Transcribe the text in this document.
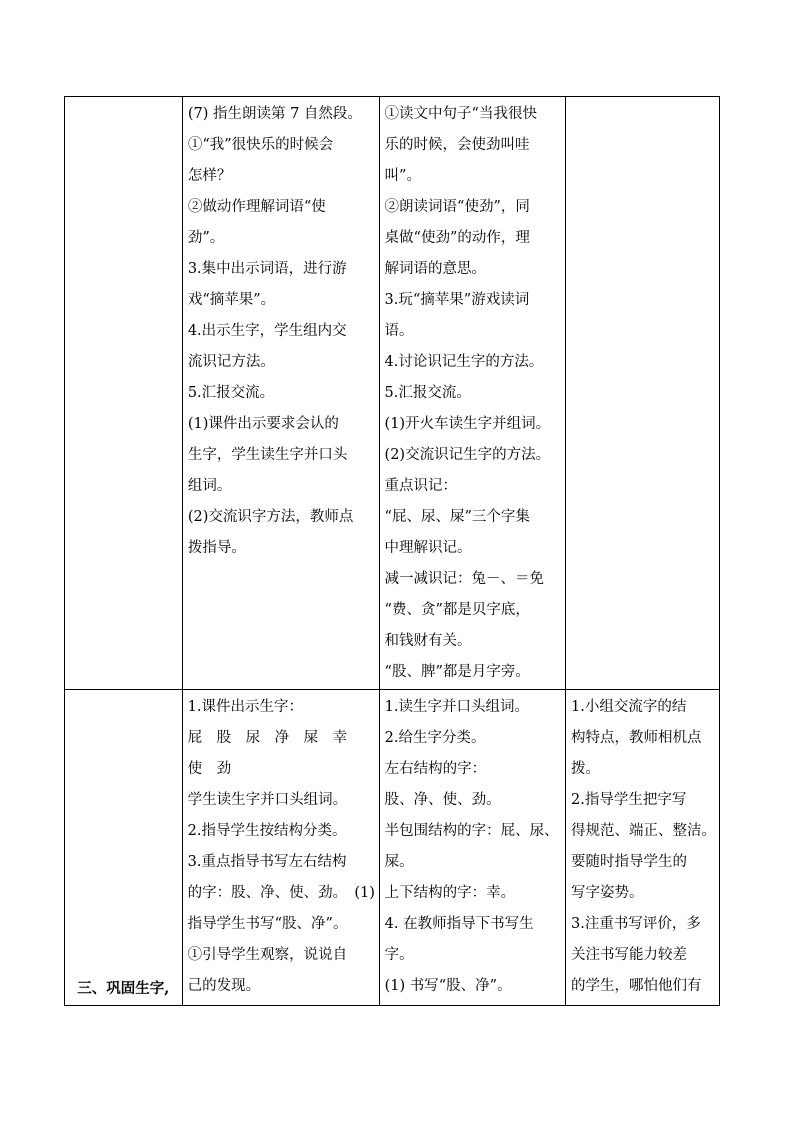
(7) 指生朗读第 7 自然段。
①“我”很快乐的时候会
怎样？
②做动作理解词语“使
劲”。
3.集中出示词语，进行游
戏“摘苹果”。
4.出示生字，学生组内交
流识记方法。
5.汇报交流。
(1)课件出示要求会认的
生字，学生读生字并口头
组词。
(2)交流识字方法，教师点
拨指导。
①读文中句子“当我很快
乐的时候，会使劲叫哇
叫”。
②朗读词语“使劲”，同
桌做“使劲”的动作，理
解词语的意思。
3.玩“摘苹果”游戏读词
语。
4.讨论识记生字的方法。
5.汇报交流。
(1)开火车读生字并组词。
(2)交流识记生字的方法。
重点识记：
“屁、尿、屎”三个字集
中理解识记。
减一减识记：兔－、＝免
“费、贪”都是贝字底，
和钱财有关。
“股、脾”都是月字旁。
三、巩固生字,
1.课件出示生字：
屁　股　尿　净　屎　幸
使　劲
学生读生字并口头组词。
2.指导学生按结构分类。
3.重点指导书写左右结构
的字：股、净、使、劲。　(1)
指导学生书写“股、净”。
①引导学生观察，说说自
己的发现。
1.读生字并口头组词。
2.给生字分类。
左右结构的字：
股、净、使、劲。
半包围结构的字：屁、尿、
屎。
上下结构的字：幸。
4. 在教师指导下书写生
字。
(1) 书写“股、净”。
1.小组交流字的结
构特点，教师相机点
拨。
2.指导学生把字写
得规范、端正、整洁。
要随时指导学生的
写字姿势。
3.注重书写评价，多
关注书写能力较差
的学生，哪怕他们有
